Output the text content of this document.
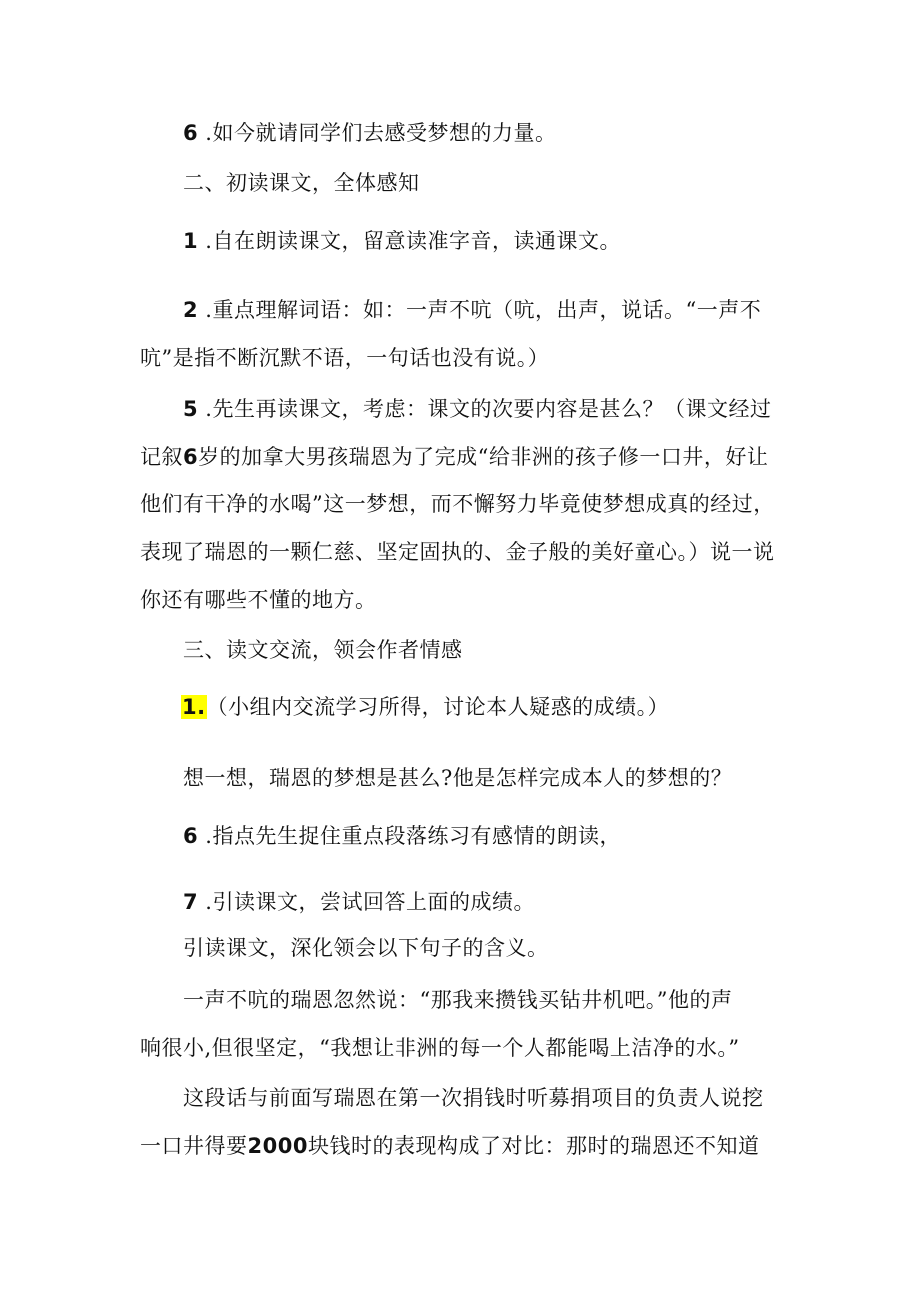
6 .如今就请同学们去感受梦想的力量。
二、初读课文，全体感知
1 .自在朗读课文，留意读准字音，读通课文。
2 .重点理解词语：如：一声不吭（吭，出声，说话。“一声不
吭”是指不断沉默不语，一句话也没有说。）
5 .先生再读课文，考虑：课文的次要内容是甚么？（课文经过
记叙6岁的加拿大男孩瑞恩为了完成“给非洲的孩子修一口井，好让
他们有干净的水喝”这一梦想，而不懈努力毕竟使梦想成真的经过，
表现了瑞恩的一颗仁慈、坚定固执的、金子般的美好童心。）说一说
你还有哪些不懂的地方。
三、读文交流，领会作者情感
1.（小组内交流学习所得，讨论本人疑惑的成绩。）
想一想，瑞恩的梦想是甚么?他是怎样完成本人的梦想的？
6 .指点先生捉住重点段落练习有感情的朗读，
7 .引读课文，尝试回答上面的成绩。
引读课文，深化领会以下句子的含义。
一声不吭的瑞恩忽然说：“那我来攒钱买钻井机吧。”他的声
响很小,但很坚定，“我想让非洲的每一个人都能喝上洁净的水。”
这段话与前面写瑞恩在第一次捐钱时听募捐项目的负责人说挖
一口井得要2000块钱时的表现构成了对比：那时的瑞恩还不知道
